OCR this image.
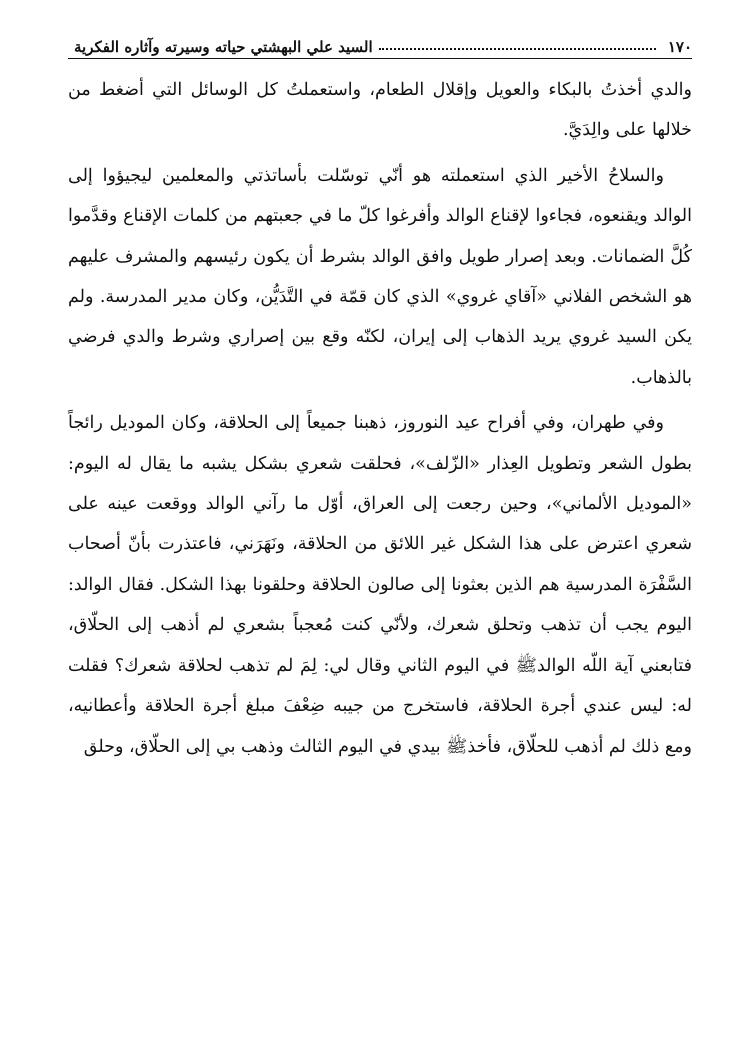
١٧٠
السيد علي البهشتي حياته وسيرته وآثاره الفكرية

والدي أخذتُ بالبكاء والعويل وإقلال الطعام، واستعملتُ كل الوسائل التي أضغط من خلالها على والِدَيَّ.

والسلاحُ الأخير الذي استعملته هو أنّي توسّلت بأساتذتي والمعلمين ليجيؤوا إلى الوالد ويقنعوه، فجاءوا لإقناع الوالد وأفرغوا كلّ ما في جعبتهم من كلمات الإقناع وقدَّموا كُلَّ الضمانات. وبعد إصرار طويل وافق الوالد بشرط أن يكون رئيسهم والمشرف عليهم هو الشخص الفلاني «آقاي غروي» الذي كان قمّة في التَّدَيُّن، وكان مدير المدرسة. ولم يكن السيد غروي يريد الذهاب إلى إيران، لكنّه وقع بين إصراري وشرط والدي فرضي بالذهاب.

وفي طهران، وفي أفراح عيد النوروز، ذهبنا جميعاً إلى الحلاقة، وكان الموديل رائجاً بطول الشعر وتطويل العِذار «الزّلف»، فحلقت شعري بشكل يشبه ما يقال له اليوم: «الموديل الألماني»، وحين رجعت إلى العراق، أوّل ما رآني الوالد ووقعت عينه على شعري اعترض على هذا الشكل غير اللائق من الحلاقة، ونَهَرَني، فاعتذرت بأنّ أصحاب السَّفْرَة المدرسية هم الذين بعثونا إلى صالون الحلاقة وحلقونا بهذا الشكل. فقال الوالد: اليوم يجب أن تذهب وتحلق شعرك، ولأنّي كنت مُعجباً بشعري لم أذهب إلى الحلّاق، فتابعني آية اللّه الوالدﷺ في اليوم الثاني وقال لي: لِمَ لم تذهب لحلاقة شعرك؟ فقلت له: ليس عندي أجرة الحلاقة، فاستخرج من جيبه ضِعْفَ مبلغ أجرة الحلاقة وأعطانيه، ومع ذلك لم أذهب للحلّاق، فأخذﷺ بيدي في اليوم الثالث وذهب بي إلى الحلّاق، وحلق
